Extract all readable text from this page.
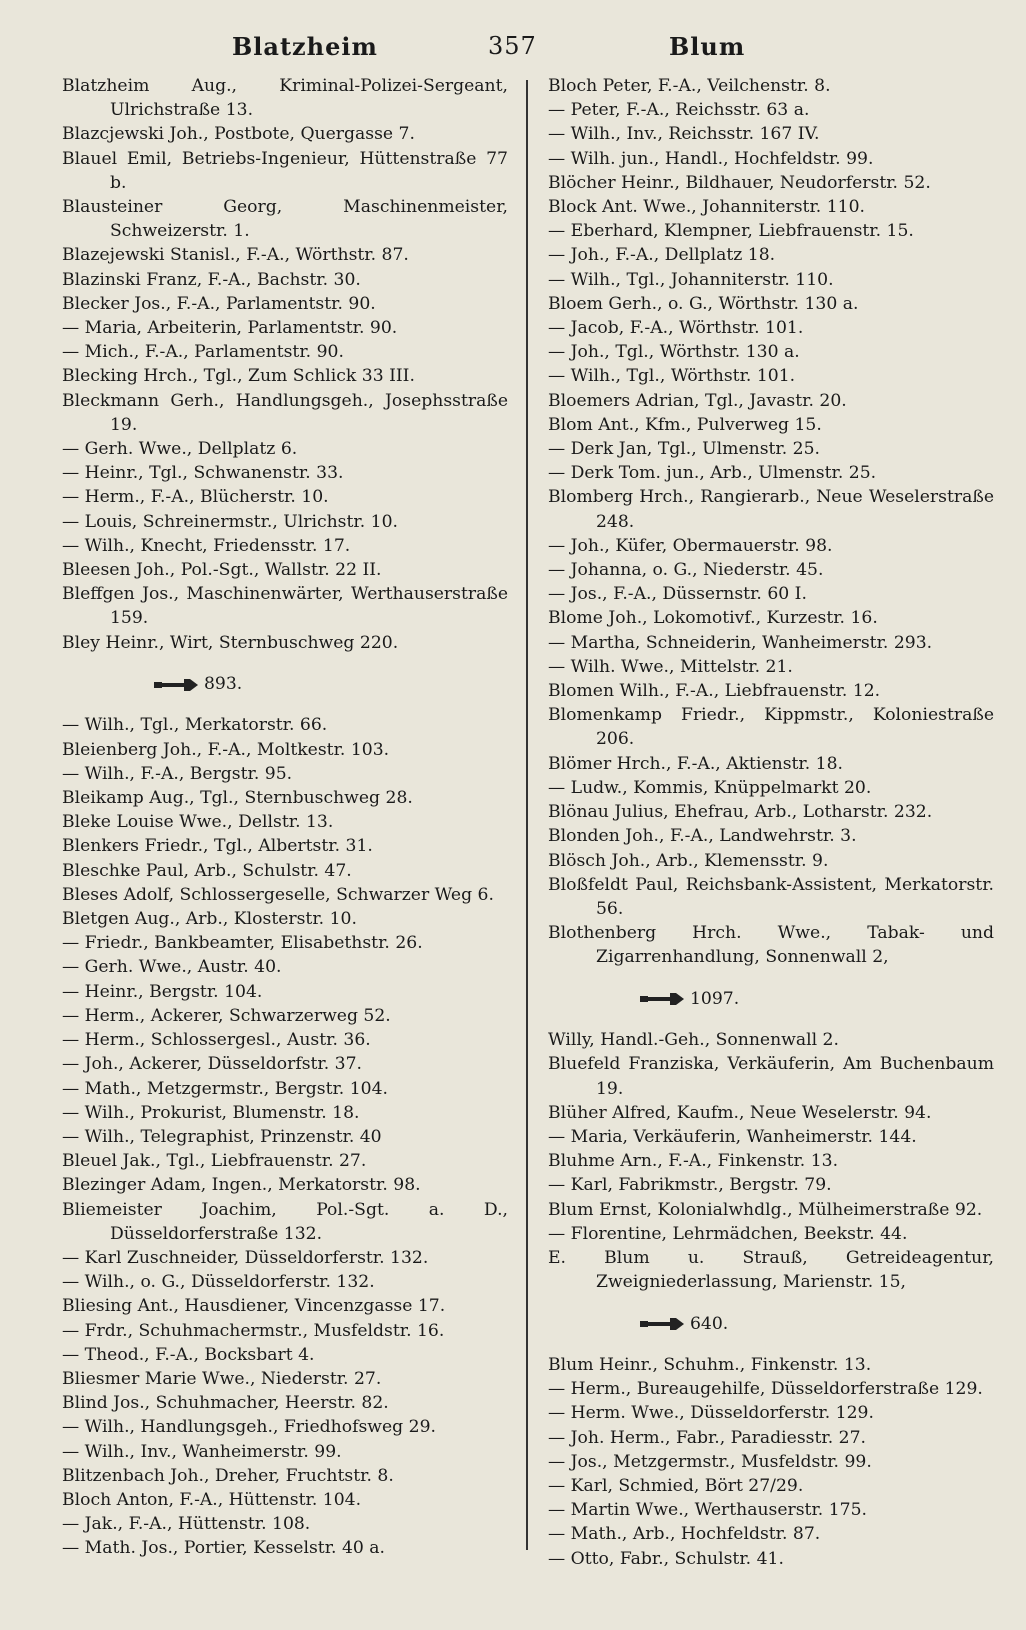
Blatzheim	357	Blum

Blatzheim Aug., Kriminal-Polizei-Sergeant, Ulrichstraße 13.

Blazcjewski Joh., Postbote, Quergasse 7.

Blauel Emil, Betriebs-Ingenieur, Hüttenstraße 77 b.

Blausteiner Georg, Maschinenmeister, Schweizerstr. 1.

Blazejewski Stanisl., F.-A., Wörthstr. 87.

Blazinski Franz, F.-A., Bachstr. 30.

Blecker Jos., F.-A., Parlamentstr. 90.

— Maria, Arbeiterin, Parlamentstr. 90.

— Mich., F.-A., Parlamentstr. 90.

Blecking Hrch., Tgl., Zum Schlick 33 III.

Bleckmann Gerh., Handlungsgeh., Josephsstraße 19.

— Gerh. Wwe., Dellplatz 6.

— Heinr., Tgl., Schwanenstr. 33.

— Herm., F.-A., Blücherstr. 10.

— Louis, Schreinermstr., Ulrichstr. 10.

— Wilh., Knecht, Friedensstr. 17.

Bleesen Joh., Pol.-Sgt., Wallstr. 22 II.

Bleffgen Jos., Maschinenwärter, Werthauserstraße 159.

Bley Heinr., Wirt, Sternbuschweg 220.

893.

— Wilh., Tgl., Merkatorstr. 66.

Bleienberg Joh., F.-A., Moltkestr. 103.

— Wilh., F.-A., Bergstr. 95.

Bleikamp Aug., Tgl., Sternbuschweg 28.

Bleke Louise Wwe., Dellstr. 13.

Blenkers Friedr., Tgl., Albertstr. 31.

Bleschke Paul, Arb., Schulstr. 47.

Bleses Adolf, Schlossergeselle, Schwarzer Weg 6.

Bletgen Aug., Arb., Klosterstr. 10.

— Friedr., Bankbeamter, Elisabethstr. 26.

— Gerh. Wwe., Austr. 40.

— Heinr., Bergstr. 104.

— Herm., Ackerer, Schwarzerweg 52.

— Herm., Schlossergesl., Austr. 36.

— Joh., Ackerer, Düsseldorfstr. 37.

— Math., Metzgermstr., Bergstr. 104.

— Wilh., Prokurist, Blumenstr. 18.

— Wilh., Telegraphist, Prinzenstr. 40

Bleuel Jak., Tgl., Liebfrauenstr. 27.

Blezinger Adam, Ingen., Merkatorstr. 98.

Bliemeister Joachim, Pol.-Sgt. a. D., Düsseldorferstraße 132.

— Karl Zuschneider, Düsseldorferstr. 132.

— Wilh., o. G., Düsseldorferstr. 132.

Bliesing Ant., Hausdiener, Vincenzgasse 17.

— Frdr., Schuhmachermstr., Musfeldstr. 16.

— Theod., F.-A., Bocksbart 4.

Bliesmer Marie Wwe., Niederstr. 27.

Blind Jos., Schuhmacher, Heerstr. 82.

— Wilh., Handlungsgeh., Friedhofsweg 29.

— Wilh., Inv., Wanheimerstr. 99.

Blitzenbach Joh., Dreher, Fruchtstr. 8.

Bloch Anton, F.-A., Hüttenstr. 104.

— Jak., F.-A., Hüttenstr. 108.

— Math. Jos., Portier, Kesselstr. 40 a.

Bloch Peter, F.-A., Veilchenstr. 8.

— Peter, F.-A., Reichsstr. 63 a.

— Wilh., Inv., Reichsstr. 167 IV.

— Wilh. jun., Handl., Hochfeldstr. 99.

Blöcher Heinr., Bildhauer, Neudorferstr. 52.

Block Ant. Wwe., Johanniterstr. 110.

— Eberhard, Klempner, Liebfrauenstr. 15.

— Joh., F.-A., Dellplatz 18.

— Wilh., Tgl., Johanniterstr. 110.

Bloem Gerh., o. G., Wörthstr. 130 a.

— Jacob, F.-A., Wörthstr. 101.

— Joh., Tgl., Wörthstr. 130 a.

— Wilh., Tgl., Wörthstr. 101.

Bloemers Adrian, Tgl., Javastr. 20.

Blom Ant., Kfm., Pulverweg 15.

— Derk Jan, Tgl., Ulmenstr. 25.

— Derk Tom. jun., Arb., Ulmenstr. 25.

Blomberg Hrch., Rangierarb., Neue Weselerstraße 248.

— Joh., Küfer, Obermauerstr. 98.

— Johanna, o. G., Niederstr. 45.

— Jos., F.-A., Düssernstr. 60 I.

Blome Joh., Lokomotivf., Kurzestr. 16.

— Martha, Schneiderin, Wanheimerstr. 293.

— Wilh. Wwe., Mittelstr. 21.

Blomen Wilh., F.-A., Liebfrauenstr. 12.

Blomenkamp Friedr., Kippmstr., Koloniestraße 206.

Blömer Hrch., F.-A., Aktienstr. 18.

— Ludw., Kommis, Knüppelmarkt 20.

Blönau Julius, Ehefrau, Arb., Lotharstr. 232.

Blonden Joh., F.-A., Landwehrstr. 3.

Blösch Joh., Arb., Klemensstr. 9.

Bloßfeldt Paul, Reichsbank-Assistent, Merkatorstr. 56.

Blothenberg Hrch. Wwe., Tabak- und Zigarrenhandlung, Sonnenwall 2,

1097.

Willy, Handl.-Geh., Sonnenwall 2.

Bluefeld Franziska, Verkäuferin, Am Buchenbaum 19.

Blüher Alfred, Kaufm., Neue Weselerstr. 94.

— Maria, Verkäuferin, Wanheimerstr. 144.

Bluhme Arn., F.-A., Finkenstr. 13.

— Karl, Fabrikmstr., Bergstr. 79.

Blum Ernst, Kolonialwhdlg., Mülheimerstraße 92.

— Florentine, Lehrmädchen, Beekstr. 44.

E. Blum u. Strauß, Getreideagentur, Zweigniederlassung, Marienstr. 15,

640.

Blum Heinr., Schuhm., Finkenstr. 13.

— Herm., Bureaugehilfe, Düsseldorferstraße 129.

— Herm. Wwe., Düsseldorferstr. 129.

— Joh. Herm., Fabr., Paradiesstr. 27.

— Jos., Metzgermstr., Musfeldstr. 99.

— Karl, Schmied, Bört 27/29.

— Martin Wwe., Werthauserstr. 175.

— Math., Arb., Hochfeldstr. 87.

— Otto, Fabr., Schulstr. 41.
